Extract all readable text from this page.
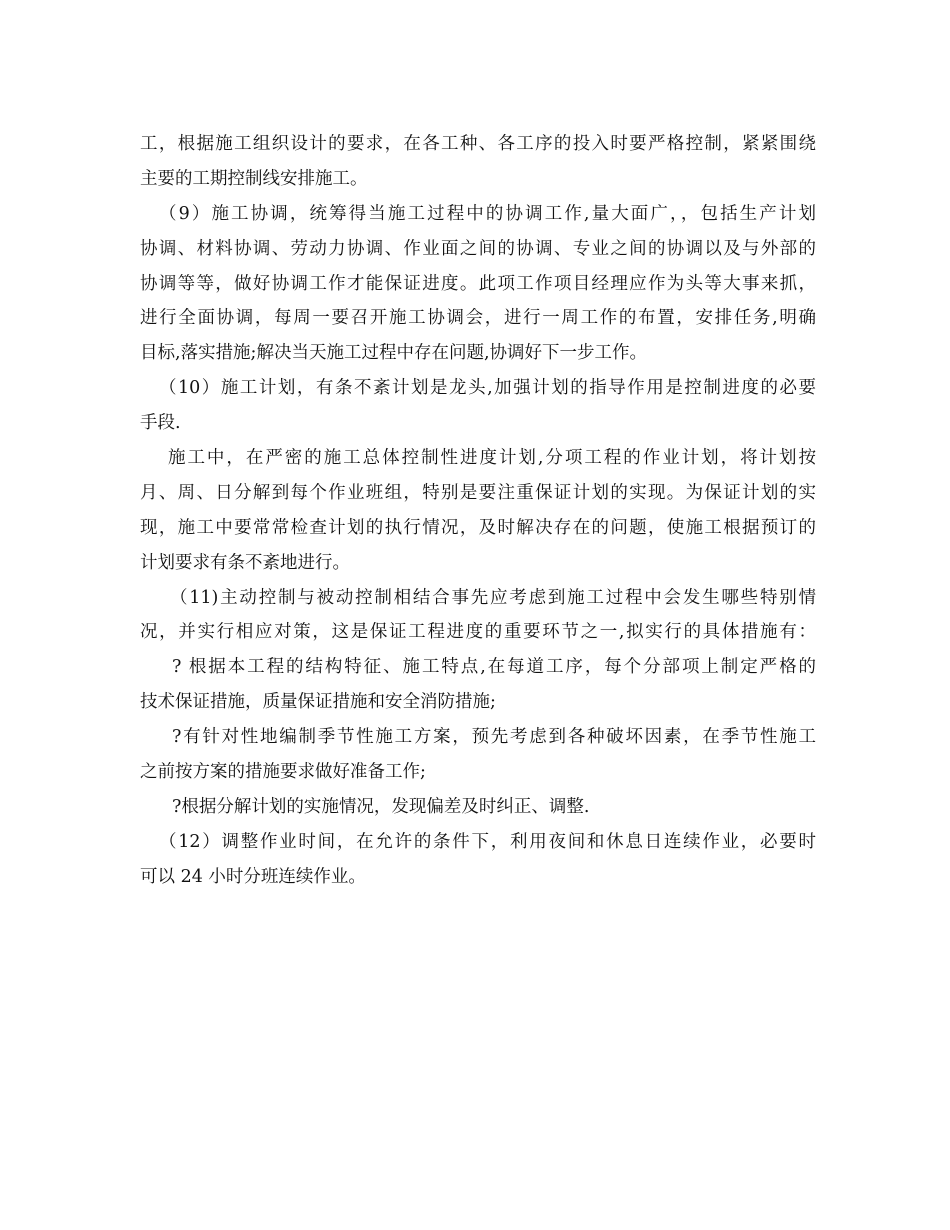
工，根据施工组织设计的要求，在各工种、各工序的投入时要严格控制，紧紧围绕
主要的工期控制线安排施工。
（9）施工协调，统筹得当施工过程中的协调工作,量大面广，，包括生产计划
协调、材料协调、劳动力协调、作业面之间的协调、专业之间的协调以及与外部的
协调等等，做好协调工作才能保证进度。此项工作项目经理应作为头等大事来抓，
进行全面协调，每周一要召开施工协调会，进行一周工作的布置，安排任务,明确
目标,落实措施;解决当天施工过程中存在问题,协调好下一步工作。
（10）施工计划，有条不紊计划是龙头,加强计划的指导作用是控制进度的必要
手段.
施工中，在严密的施工总体控制性进度计划,分项工程的作业计划，将计划按
月、周、日分解到每个作业班组，特别是要注重保证计划的实现。为保证计划的实
现，施工中要常常检查计划的执行情况，及时解决存在的问题，使施工根据预订的
计划要求有条不紊地进行。
（11)主动控制与被动控制相结合事先应考虑到施工过程中会发生哪些特别情
况，并实行相应对策，这是保证工程进度的重要环节之一,拟实行的具体措施有：
? 根据本工程的结构特征、施工特点,在每道工序，每个分部项上制定严格的
技术保证措施，质量保证措施和安全消防措施;
?有针对性地编制季节性施工方案，预先考虑到各种破坏因素，在季节性施工
之前按方案的措施要求做好准备工作;
?根据分解计划的实施情况，发现偏差及时纠正、调整.
（12）调整作业时间，在允许的条件下，利用夜间和休息日连续作业，必要时
可以 24 小时分班连续作业。
